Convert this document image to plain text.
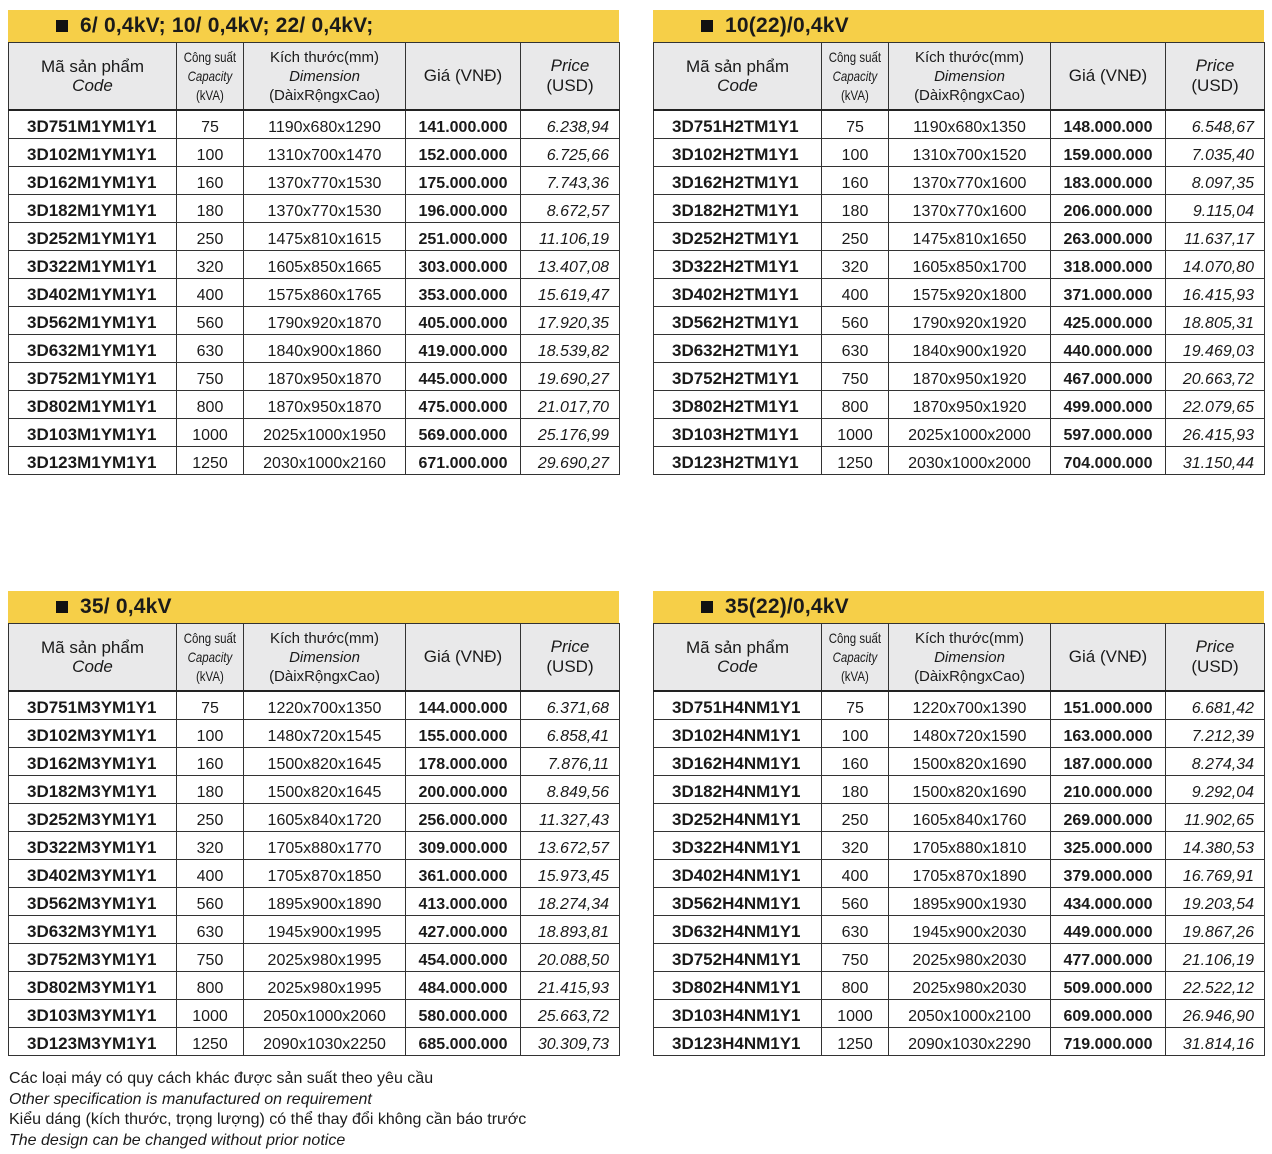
6/ 0,4kV; 10/ 0,4kV; 22/ 0,4kV;
Mã sản phẩm
Code	Công suất
Capacity
(kVA)	Kích thước(mm)
Dimension
(DàixRộngxCao)	Giá (VNĐ)	Price
(USD)

3D751M1YM1Y1	75	1190x680x1290	141.000.000	6.238,94
3D102M1YM1Y1	100	1310x700x1470	152.000.000	6.725,66
3D162M1YM1Y1	160	1370x770x1530	175.000.000	7.743,36
3D182M1YM1Y1	180	1370x770x1530	196.000.000	8.672,57
3D252M1YM1Y1	250	1475x810x1615	251.000.000	11.106,19
3D322M1YM1Y1	320	1605x850x1665	303.000.000	13.407,08
3D402M1YM1Y1	400	1575x860x1765	353.000.000	15.619,47
3D562M1YM1Y1	560	1790x920x1870	405.000.000	17.920,35
3D632M1YM1Y1	630	1840x900x1860	419.000.000	18.539,82
3D752M1YM1Y1	750	1870x950x1870	445.000.000	19.690,27
3D802M1YM1Y1	800	1870x950x1870	475.000.000	21.017,70
3D103M1YM1Y1	1000	2025x1000x1950	569.000.000	25.176,99
3D123M1YM1Y1	1250	2030x1000x2160	671.000.000	29.690,27
10(22)/0,4kV
Mã sản phẩm
Code	Công suất
Capacity
(kVA)	Kích thước(mm)
Dimension
(DàixRộngxCao)	Giá (VNĐ)	Price
(USD)

3D751H2TM1Y1	75	1190x680x1350	148.000.000	6.548,67
3D102H2TM1Y1	100	1310x700x1520	159.000.000	7.035,40
3D162H2TM1Y1	160	1370x770x1600	183.000.000	8.097,35
3D182H2TM1Y1	180	1370x770x1600	206.000.000	9.115,04
3D252H2TM1Y1	250	1475x810x1650	263.000.000	11.637,17
3D322H2TM1Y1	320	1605x850x1700	318.000.000	14.070,80
3D402H2TM1Y1	400	1575x920x1800	371.000.000	16.415,93
3D562H2TM1Y1	560	1790x920x1920	425.000.000	18.805,31
3D632H2TM1Y1	630	1840x900x1920	440.000.000	19.469,03
3D752H2TM1Y1	750	1870x950x1920	467.000.000	20.663,72
3D802H2TM1Y1	800	1870x950x1920	499.000.000	22.079,65
3D103H2TM1Y1	1000	2025x1000x2000	597.000.000	26.415,93
3D123H2TM1Y1	1250	2030x1000x2000	704.000.000	31.150,44
35/ 0,4kV
Mã sản phẩm
Code	Công suất
Capacity
(kVA)	Kích thước(mm)
Dimension
(DàixRộngxCao)	Giá (VNĐ)	Price
(USD)

3D751M3YM1Y1	75	1220x700x1350	144.000.000	6.371,68
3D102M3YM1Y1	100	1480x720x1545	155.000.000	6.858,41
3D162M3YM1Y1	160	1500x820x1645	178.000.000	7.876,11
3D182M3YM1Y1	180	1500x820x1645	200.000.000	8.849,56
3D252M3YM1Y1	250	1605x840x1720	256.000.000	11.327,43
3D322M3YM1Y1	320	1705x880x1770	309.000.000	13.672,57
3D402M3YM1Y1	400	1705x870x1850	361.000.000	15.973,45
3D562M3YM1Y1	560	1895x900x1890	413.000.000	18.274,34
3D632M3YM1Y1	630	1945x900x1995	427.000.000	18.893,81
3D752M3YM1Y1	750	2025x980x1995	454.000.000	20.088,50
3D802M3YM1Y1	800	2025x980x1995	484.000.000	21.415,93
3D103M3YM1Y1	1000	2050x1000x2060	580.000.000	25.663,72
3D123M3YM1Y1	1250	2090x1030x2250	685.000.000	30.309,73
35(22)/0,4kV
Mã sản phẩm
Code	Công suất
Capacity
(kVA)	Kích thước(mm)
Dimension
(DàixRộngxCao)	Giá (VNĐ)	Price
(USD)

3D751H4NM1Y1	75	1220x700x1390	151.000.000	6.681,42
3D102H4NM1Y1	100	1480x720x1590	163.000.000	7.212,39
3D162H4NM1Y1	160	1500x820x1690	187.000.000	8.274,34
3D182H4NM1Y1	180	1500x820x1690	210.000.000	9.292,04
3D252H4NM1Y1	250	1605x840x1760	269.000.000	11.902,65
3D322H4NM1Y1	320	1705x880x1810	325.000.000	14.380,53
3D402H4NM1Y1	400	1705x870x1890	379.000.000	16.769,91
3D562H4NM1Y1	560	1895x900x1930	434.000.000	19.203,54
3D632H4NM1Y1	630	1945x900x2030	449.000.000	19.867,26
3D752H4NM1Y1	750	2025x980x2030	477.000.000	21.106,19
3D802H4NM1Y1	800	2025x980x2030	509.000.000	22.522,12
3D103H4NM1Y1	1000	2050x1000x2100	609.000.000	26.946,90
3D123H4NM1Y1	1250	2090x1030x2290	719.000.000	31.814,16
Các loại máy có quy cách khác được sản suất theo yêu cầu
Other specification is manufactured on requirement
Kiểu dáng (kích thước, trọng lượng) có thể thay đổi không cần báo trước
The design can be changed without prior notice
